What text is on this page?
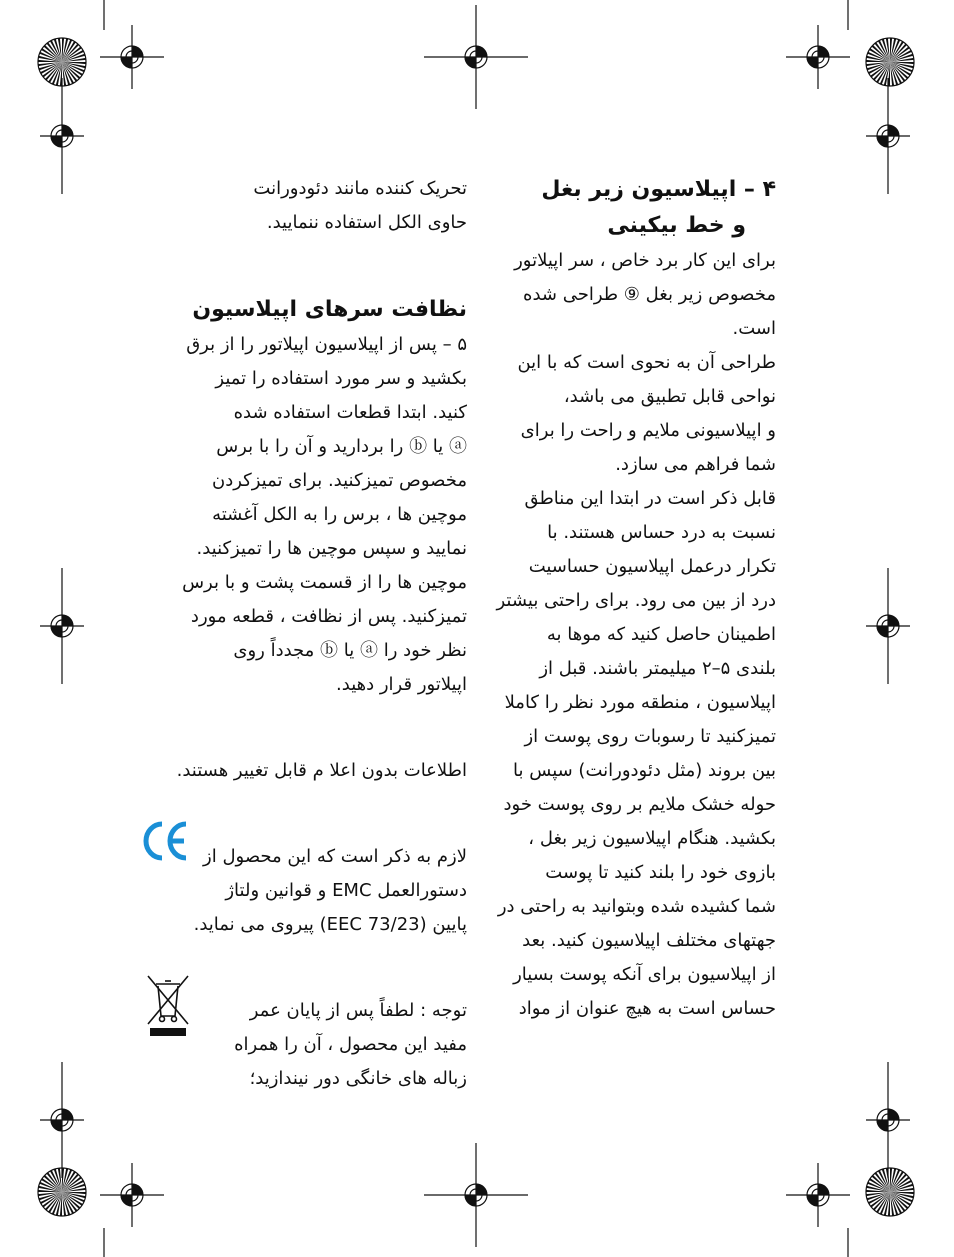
۴ – اپیلاسیون زیر بغل

و خط بیکینی

برای این کار برد خاص ، سر اپیلاتور

مخصوص زیر بغل ⑨ طراحی شده

است.

طراحی آن به نحوی است که با این

نواحی قابل تطبیق می باشد،

و اپیلاسیونی ملایم و راحت را برای

شما فراهم می سازد.

قابل ذکر است در ابتدا این مناطق

نسبت به درد حساس هستند. با

تکرار درعمل اپیلاسیون حساسیت

درد از بین می رود. برای راحتی بیشتر

اطمینان حاصل کنید که موها به

بلندی ۵–۲ میلیمتر باشند. قبل از

اپیلاسیون ، منطقه مورد نظر را کاملا

تمیزکنید تا رسوبات روی پوست از

بین بروند (مثل دئودورانت) سپس با

حوله خشک ملایم بر روی پوست خود

بکشید. هنگام اپیلاسیون زیر بغل ،

بازوی خود را بلند کنید تا پوست

شما کشیده شده وبتوانید به راحتی در

جهتهای مختلف اپیلاسیون کنید. بعد

از اپیلاسیون برای آنکه پوست بسیار

حساس است به هیچ عنوان از مواد

تحریک کننده مانند دئودورانت

حاوی الکل استفاده ننمایید.

نظافت سرهای اپیلاسیون

۵ – پس از اپیلاسیون اپیلاتور را از برق

بکشید و سر مورد استفاده را تمیز

کنید. ابتدا قطعات استفاده شده

ⓐ یا ⓑ را بردارید و آن را با برس

مخصوص تمیزکنید. برای تمیزکردن

موچین ها ، برس را به الکل آغشته

نمایید و سپس موچین ها را تمیزکنید.

موچین ها را از قسمت پشت و با برس

تمیزکنید. پس از نظافت ، قطعه مورد

نظر خود را ⓐ یا ⓑ مجدداً روی

اپیلاتور قرار دهید.

اطلاعات بدون اعلا م قابل تغییر هستند.

لازم به ذکر است که این محصول از

دستورالعمل EMC و قوانین ولتاژ

پایین (73/23 EEC) پیروی می نماید.

توجه : لطفاً پس از پایان عمر

مفید این محصول ، آن را همراه

زباله های خانگی دور نیندازید؛
